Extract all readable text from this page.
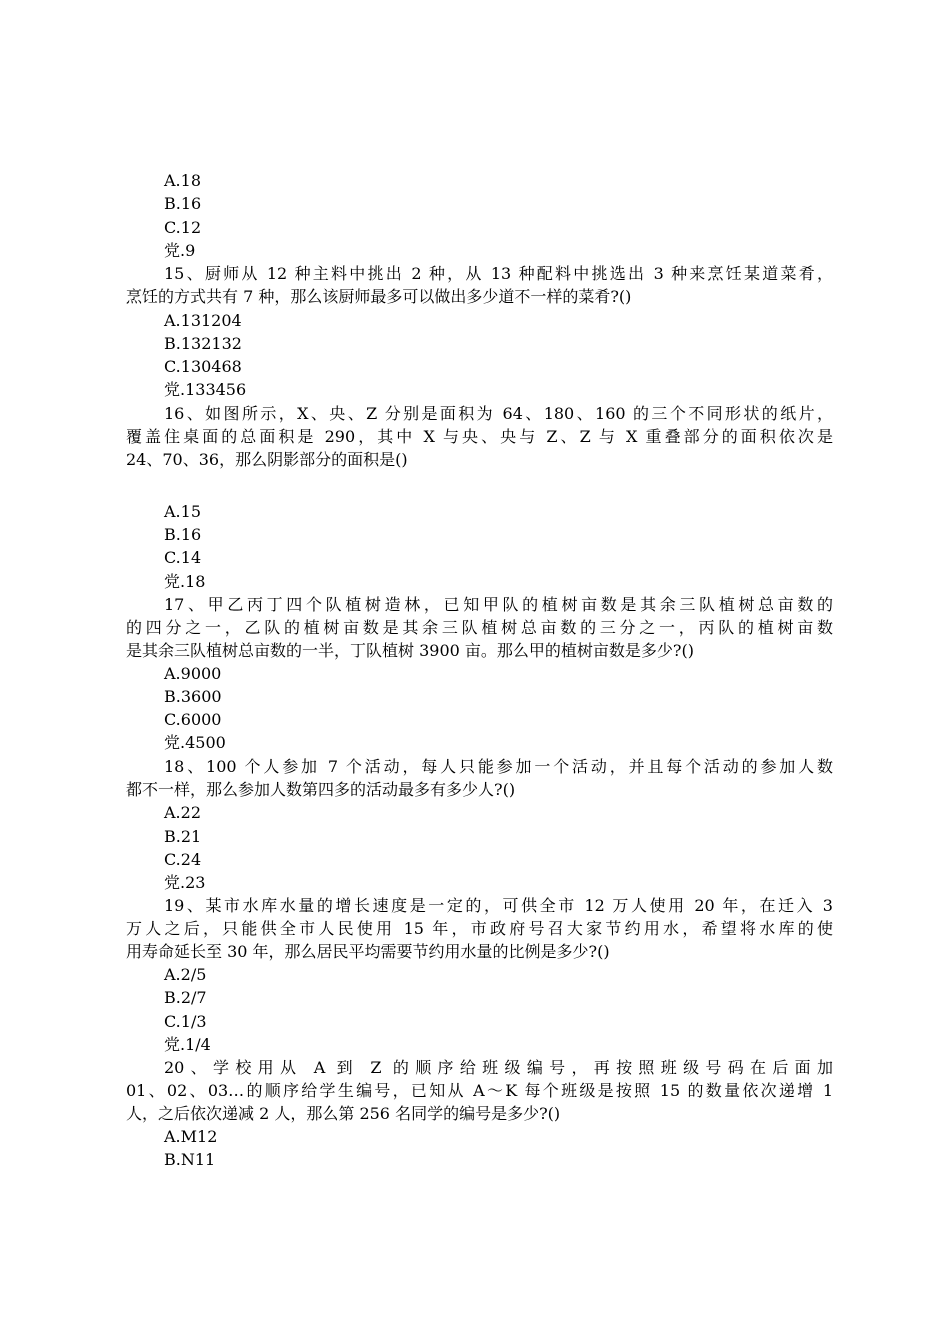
A.18
B.16
C.12
党.9
15、厨师从 12 种主料中挑出 2 种，从 13 种配料中挑选出 3 种来烹饪某道菜肴，
烹饪的方式共有 7 种，那么该厨师最多可以做出多少道不一样的菜肴?()
A.131204
B.132132
C.130468
党.133456
16、如图所示，X、央、Z 分别是面积为 64、180、160 的三个不同形状的纸片，
覆盖住桌面的总面积是 290，其中 X 与央、央与 Z、Z 与 X 重叠部分的面积依次是
24、70、36，那么阴影部分的面积是()
A.15
B.16
C.14
党.18
17、甲乙丙丁四个队植树造林，已知甲队的植树亩数是其余三队植树总亩数的
的四分之一，乙队的植树亩数是其余三队植树总亩数的三分之一，丙队的植树亩数
是其余三队植树总亩数的一半，丁队植树 3900 亩。那么甲的植树亩数是多少?()
A.9000
B.3600
C.6000
党.4500
18、100 个人参加 7 个活动，每人只能参加一个活动，并且每个活动的参加人数
都不一样，那么参加人数第四多的活动最多有多少人?()
A.22
B.21
C.24
党.23
19、某市水库水量的增长速度是一定的，可供全市 12 万人使用 20 年，在迁入 3
万人之后，只能供全市人民使用 15 年，市政府号召大家节约用水，希望将水库的使
用寿命延长至 30 年，那么居民平均需要节约用水量的比例是多少?()
A.2/5
B.2/7
C.1/3
党.1/4
20、学校用从 A 到 Z 的顺序给班级编号，再按照班级号码在后面加
01、02、03…的顺序给学生编号，已知从 A～K 每个班级是按照 15 的数量依次递增 1
人，之后依次递减 2 人，那么第 256 名同学的编号是多少?()
A.M12
B.N11
